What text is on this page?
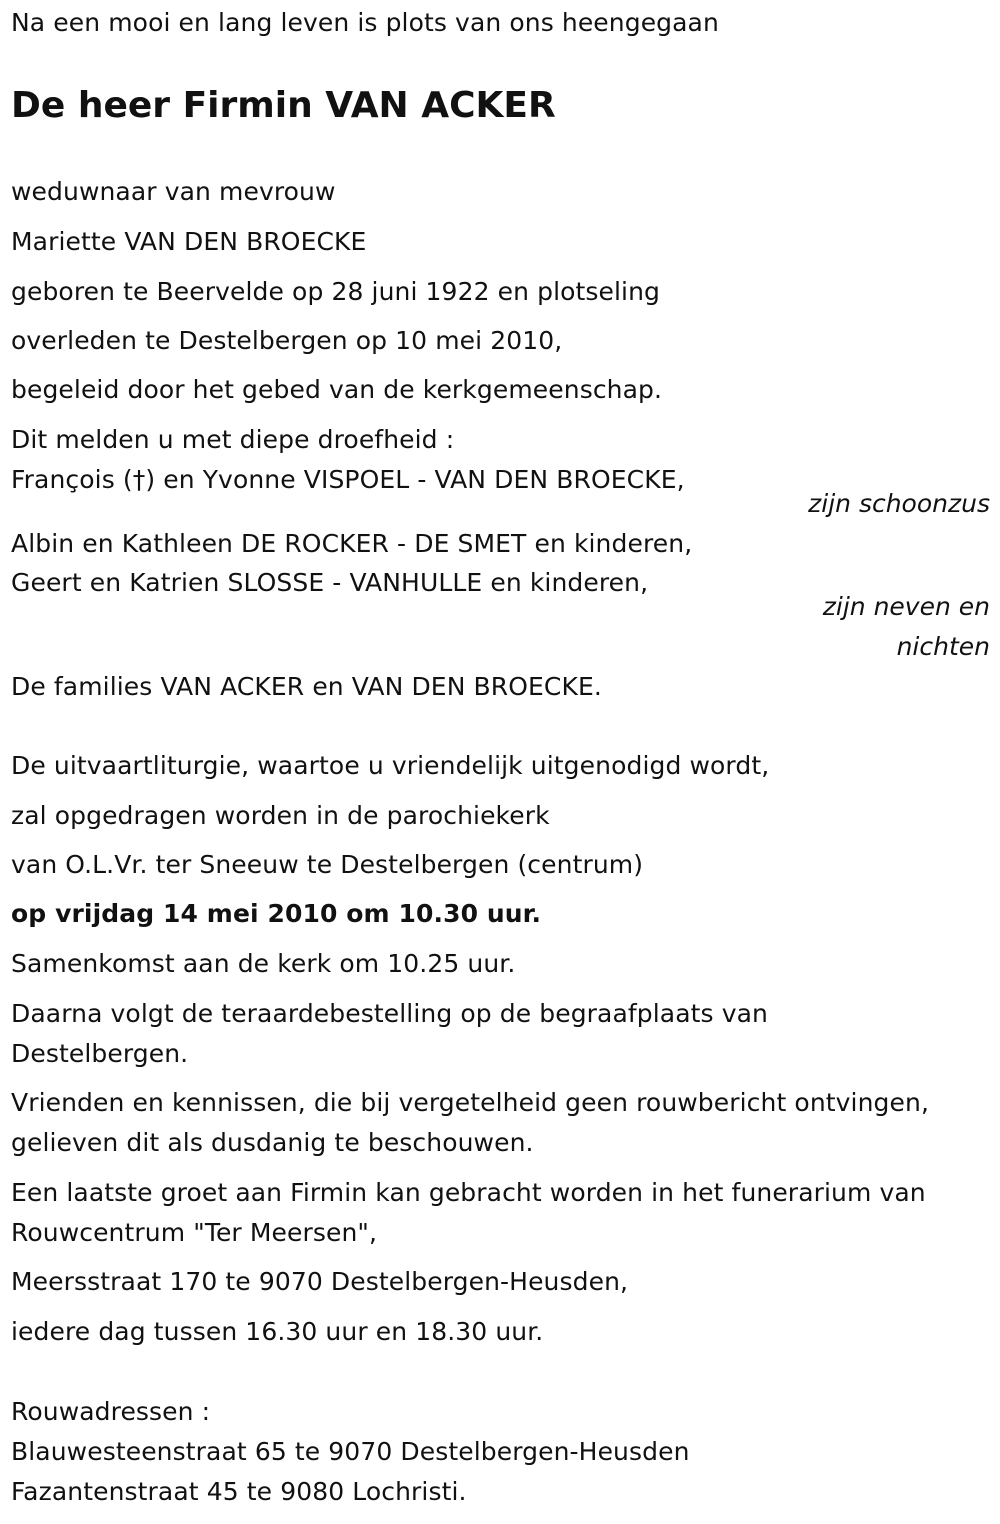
Na een mooi en lang leven is plots van ons heengegaan

De heer Firmin VAN ACKER

weduwnaar van mevrouw

Mariette VAN DEN BROECKE

geboren te Beervelde op 28 juni 1922 en plotseling

overleden te Destelbergen op 10 mei 2010,

begeleid door het gebed van de kerkgemeenschap.

Dit melden u met diepe droefheid :

François (†) en Yvonne VISPOEL - VAN DEN BROECKE,

zijn schoonzus

Albin en Kathleen DE ROCKER - DE SMET en kinderen,

Geert en Katrien SLOSSE - VANHULLE en kinderen,

zijn neven en

nichten

De families VAN ACKER en VAN DEN BROECKE.

De uitvaartliturgie, waartoe u vriendelijk uitgenodigd wordt,

zal opgedragen worden in de parochiekerk

van O.L.Vr. ter Sneeuw te Destelbergen (centrum)

op vrijdag 14 mei 2010 om 10.30 uur.

Samenkomst aan de kerk om 10.25 uur.

Daarna volgt de teraardebestelling op de begraafplaats van

Destelbergen.

Vrienden en kennissen, die bij vergetelheid geen rouwbericht ontvingen,

gelieven dit als dusdanig te beschouwen.

Een laatste groet aan Firmin kan gebracht worden in het funerarium van

Rouwcentrum "Ter Meersen",

Meersstraat 170 te 9070 Destelbergen-Heusden,

iedere dag tussen 16.30 uur en 18.30 uur.

Rouwadressen :

Blauwesteenstraat 65 te 9070 Destelbergen-Heusden

Fazantenstraat 45 te 9080 Lochristi.
